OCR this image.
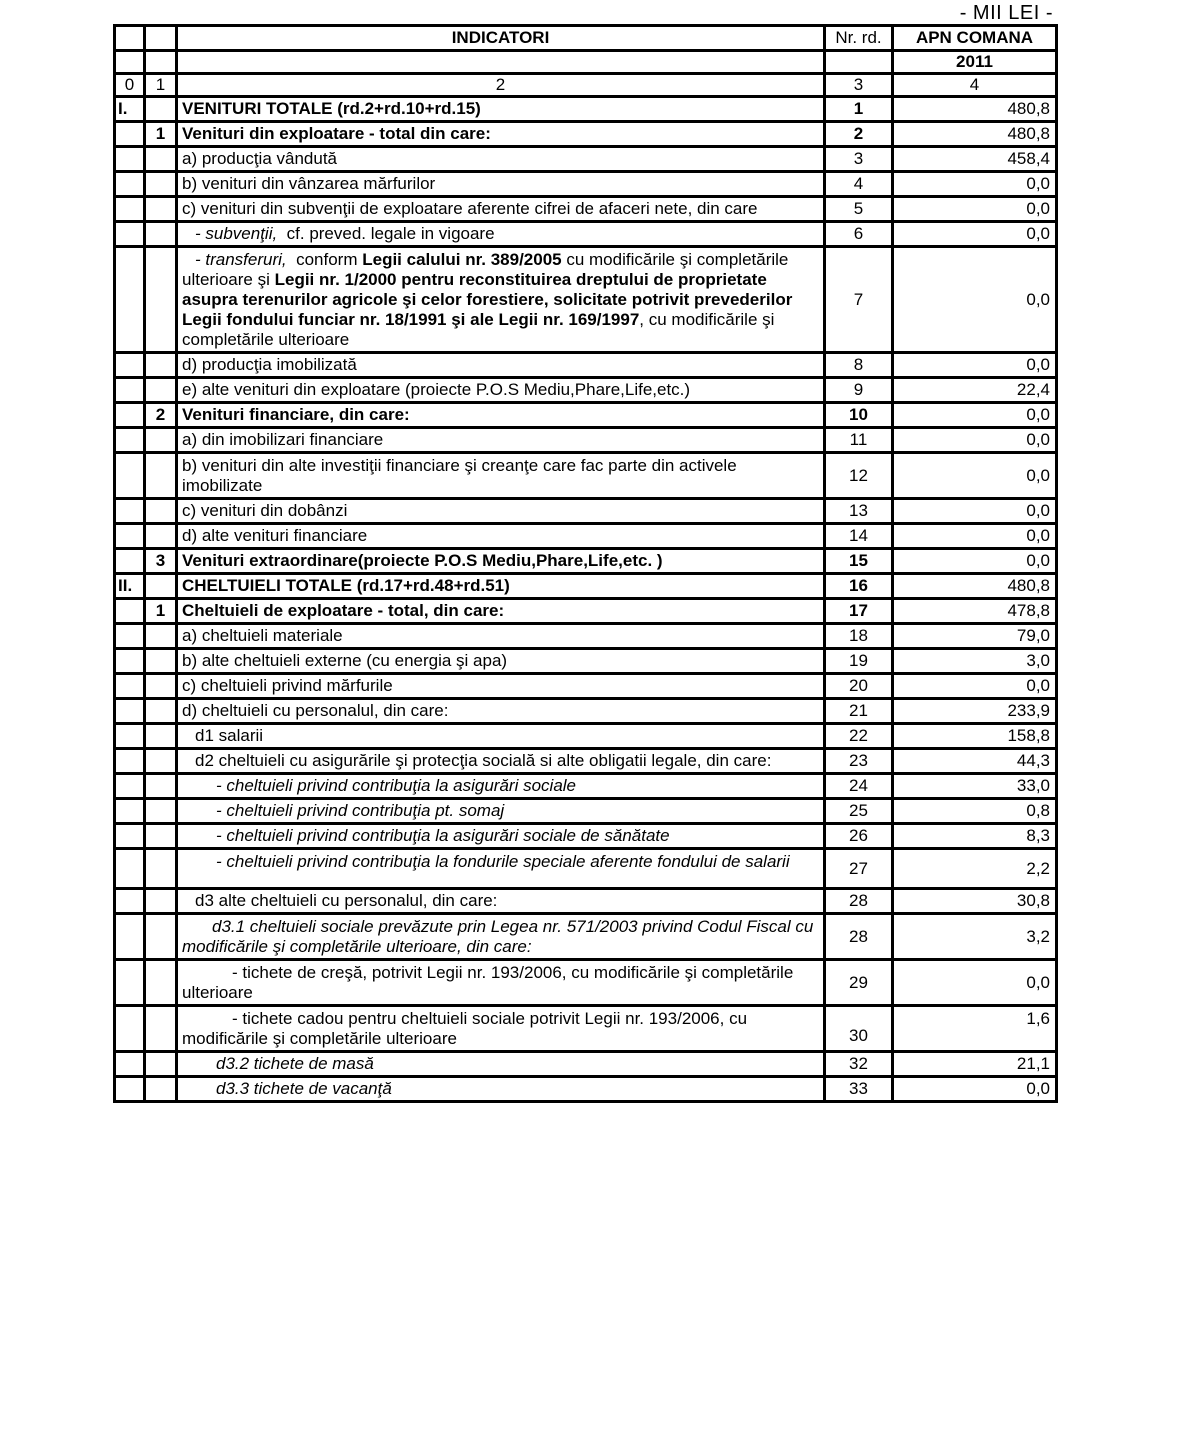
- MII LEI -
		INDICATORI	Nr. rd.	APN COMANA
				2011
0	1	2	3	4
I.		VENITURI TOTALE (rd.2+rd.10+rd.15)	1	480,8
	1	Venituri din exploatare - total din care:	2	480,8
		a) producţia vândută	3	458,4
		b) venituri din vânzarea mărfurilor	4	0,0
		c) venituri din subvenţii de exploatare aferente cifrei de afaceri nete, din care	5	0,0
		- subvenţii,  cf. preved. legale in vigoare	6	0,0
		- transferuri,  conform Legii calului nr. 389/2005 cu modificările şi completările ulterioare şi Legii nr. 1/2000 pentru reconstituirea dreptului de proprietate asupra terenurilor agricole şi celor forestiere, solicitate potrivit prevederilor Legii fondului funciar nr. 18/1991 şi ale Legii nr. 169/1997, cu modificările şi completările ulterioare	7	0,0
		d) producţia imobilizată	8	0,0
		e) alte venituri din exploatare (proiecte P.O.S Mediu,Phare,Life,etc.)	9	22,4
	2	Venituri financiare, din care:	10	0,0
		a) din imobilizari financiare	11	0,0
		b) venituri din alte investiţii financiare şi creanţe care fac parte din activele imobilizate	12	0,0
		c) venituri din dobânzi	13	0,0
		d) alte venituri financiare	14	0,0
	3	Venituri extraordinare(proiecte P.O.S Mediu,Phare,Life,etc. )	15	0,0
II.		CHELTUIELI TOTALE (rd.17+rd.48+rd.51)	16	480,8
	1	Cheltuieli de exploatare - total, din care:	17	478,8
		a) cheltuieli materiale	18	79,0
		b) alte cheltuieli externe (cu energia şi apa)	19	3,0
		c) cheltuieli privind mărfurile	20	0,0
		d) cheltuieli cu personalul, din care:	21	233,9
		d1 salarii	22	158,8
		d2 cheltuieli cu asigurările şi protecţia socială si alte obligatii legale, din care:	23	44,3
		- cheltuieli privind contribuţia la asigurări sociale	24	33,0
		- cheltuieli privind contribuţia pt. somaj	25	0,8
		- cheltuieli privind contribuţia la asigurări sociale de sănătate	26	8,3
		- cheltuieli privind contribuţia la fondurile speciale aferente fondului de salarii	27	2,2
		d3 alte cheltuieli cu personalul, din care:	28	30,8
		d3.1 cheltuieli sociale prevăzute prin Legea nr. 571/2003 privind Codul Fiscal cu modificările şi completările ulterioare, din care:	28	3,2
		- tichete de creşă, potrivit Legii nr. 193/2006, cu modificările şi completările ulterioare	29	0,0
		- tichete cadou pentru cheltuieli sociale potrivit Legii nr. 193/2006, cu modificările şi completările ulterioare	30	1,6
		d3.2 tichete de masă	32	21,1
		d3.3 tichete de vacanţă	33	0,0
